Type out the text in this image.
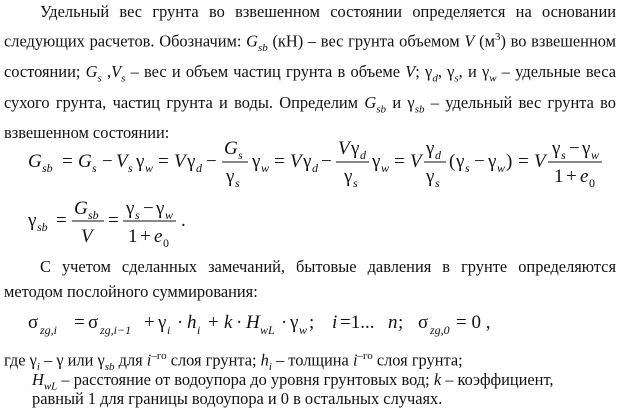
Удельный вес грунта во взвешенном состоянии определяется на основании следующих расчетов. Обозначим: $G_{sb}$ (кН) – вес грунта объемом V $(м^3)$ во взвешенном состоянии; $G_s$ $,V_s$ – вес и объем частиц грунта в объеме V; $\gamma_d$, $\gamma_s$, и $\gamma_w$ – удельные веса сухого грунта, частиц грунта и воды. Определим $G_{sb}$ и $\gamma_{sb}$ – удельный вес грунта во взвешенном состоянии:

G sb = G s − V s γ w = V γ d −
G s
γ s
γ w = V γ d −
V γ d
γ s
γ w = V
γ d
γ s
( γ s − γ w ) = V
γ s − γ w
1 + e 0
γ sb =
G sb
V
=
γ s − γ w
1 + e 0
.

С учетом сделанных замечаний, бытовые давления в грунте определяются методом послойного суммирования:

σ zg,i = σ zg,i−1 + γ i · h i + k · H wL · γ w ; i =1... n ; σ zg,0 = 0 ,
где $\gamma_i$ – γ или $\gamma_{sb}$ для $i^{-го}$ слоя грунта; $h_i$ – толщина $i^{-го}$ слоя грунта;
$H_{wL}$ – расстояние от водоупора до уровня грунтовых вод; k – коэффициент,
равный 1 для границы водоупора и 0 в остальных случаях.
